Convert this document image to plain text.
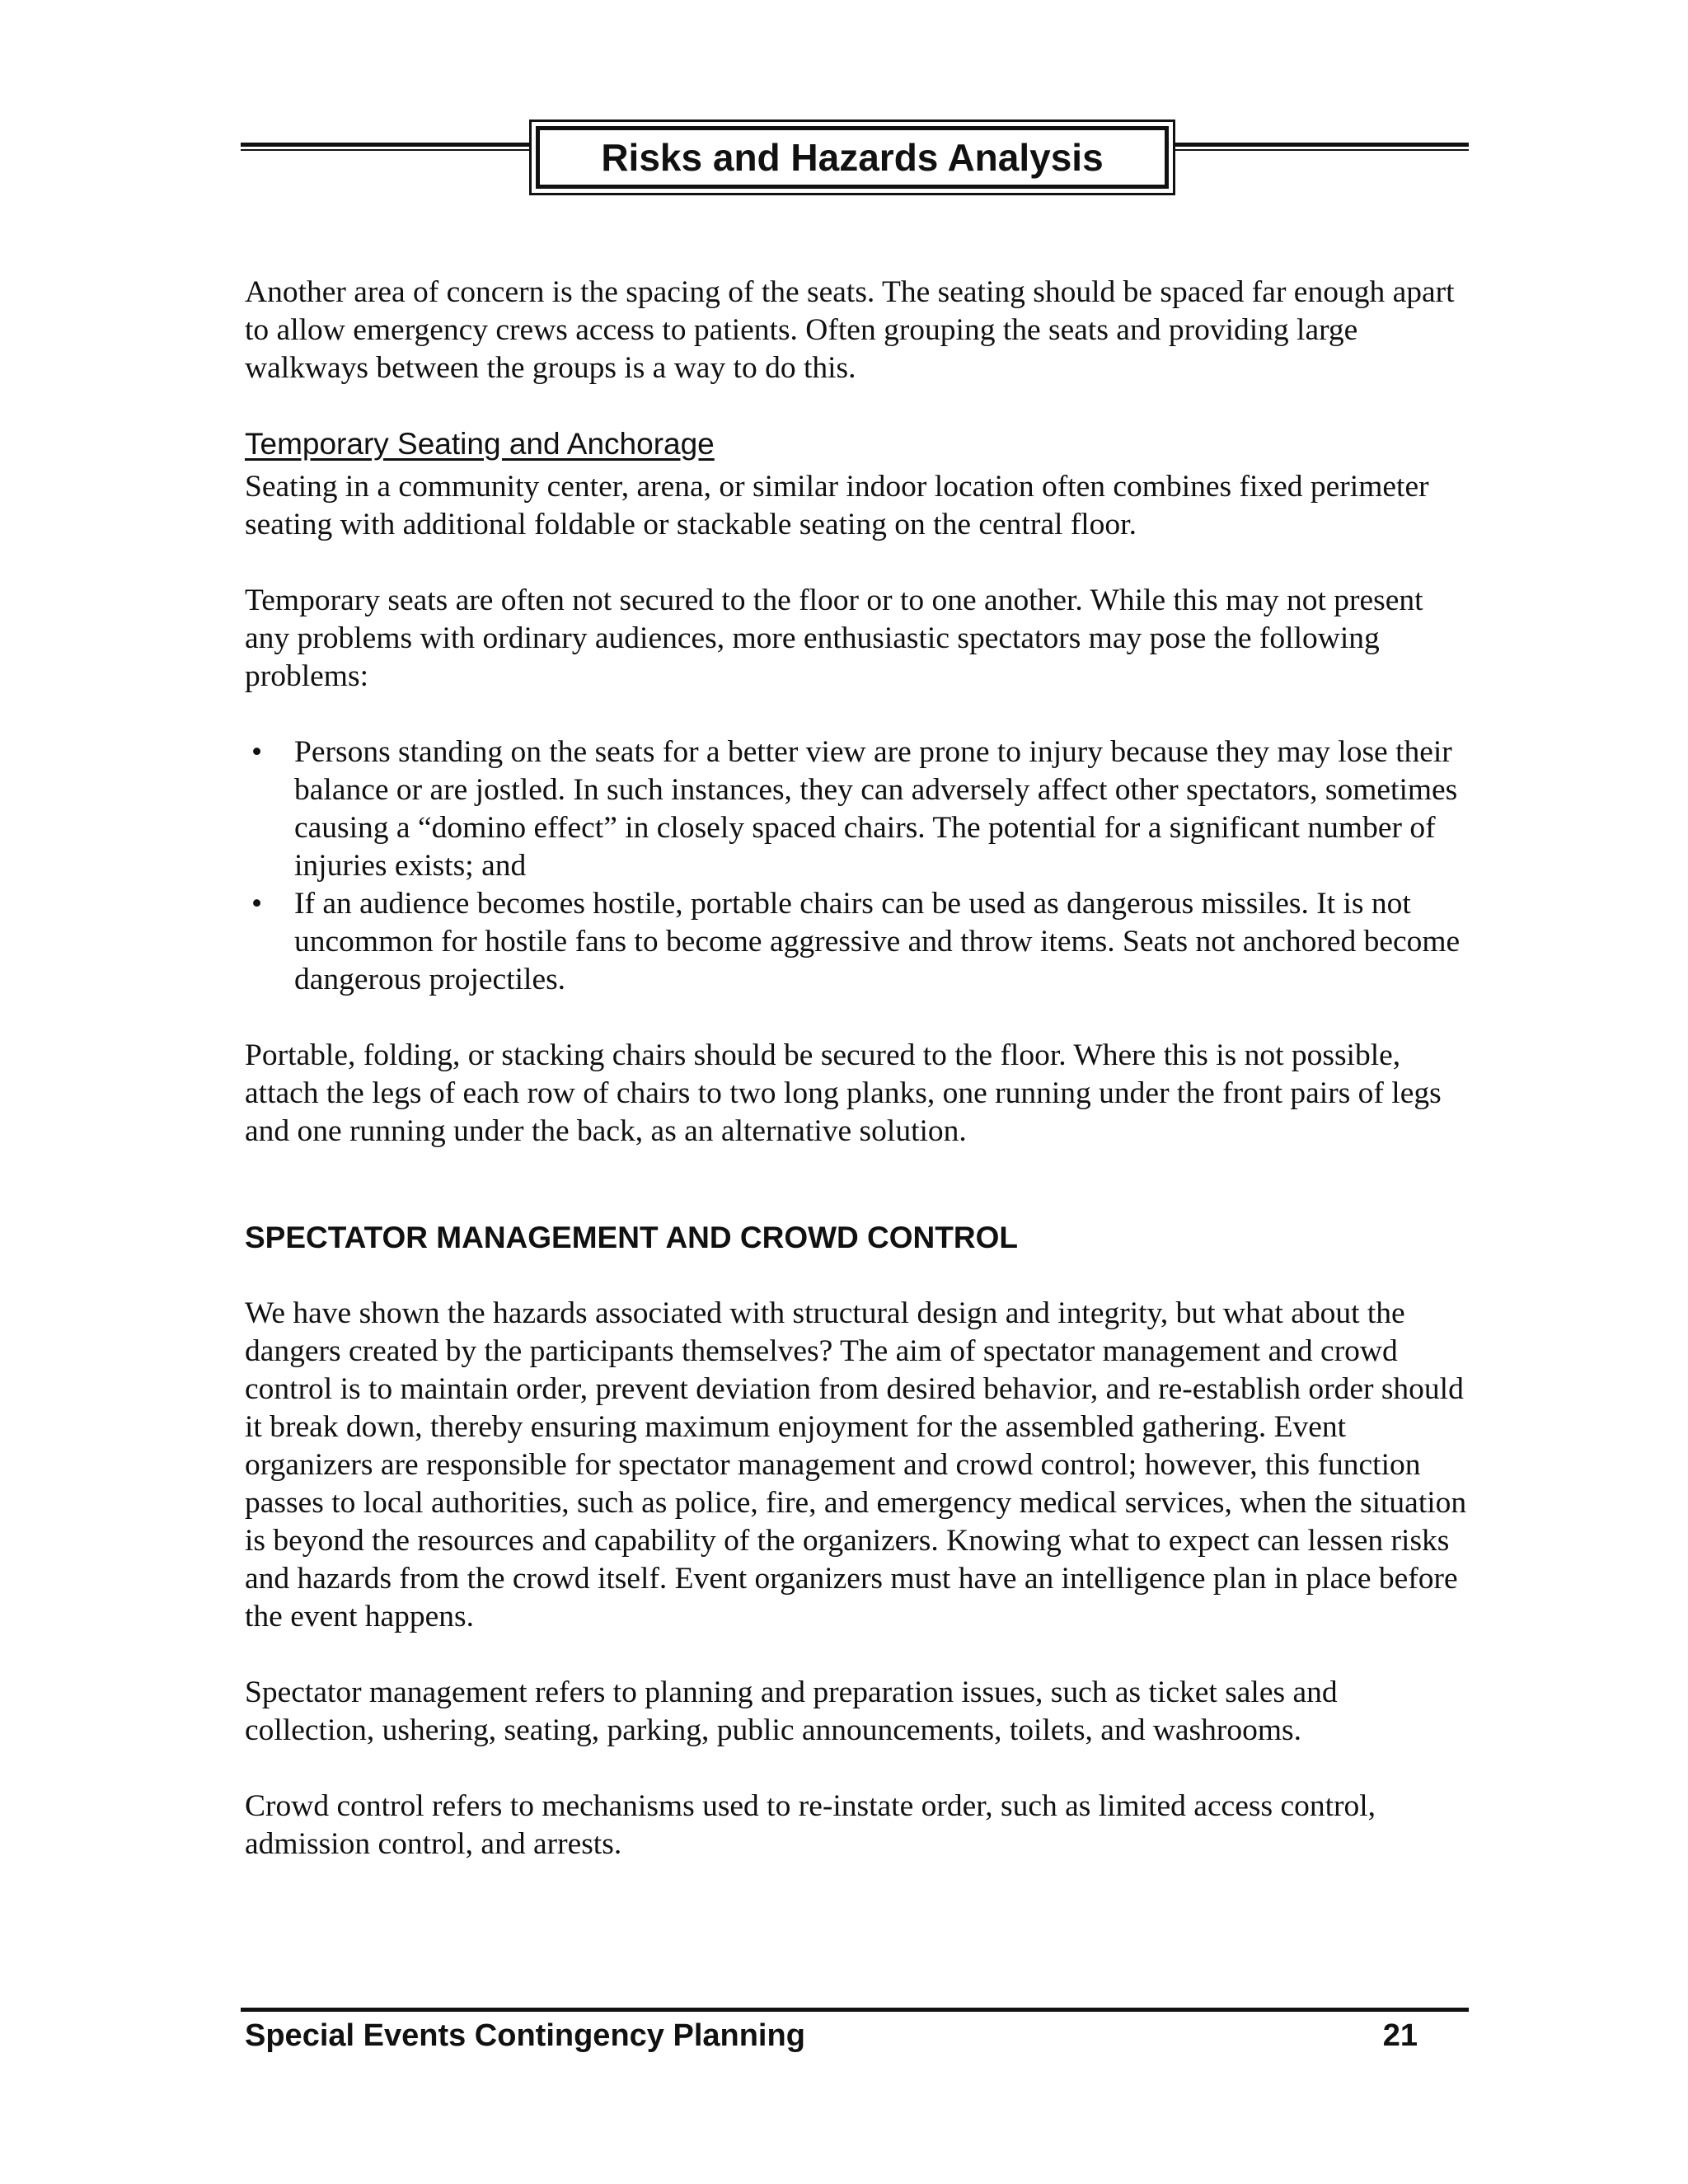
Risks and Hazards Analysis

Another area of concern is the spacing of the seats. The seating should be spaced far enough apart to allow emergency crews access to patients. Often grouping the seats and providing large walkways between the groups is a way to do this.

Temporary Seating and Anchorage

Seating in a community center, arena, or similar indoor location often combines fixed perimeter seating with additional foldable or stackable seating on the central floor.

Temporary seats are often not secured to the floor or to one another. While this may not present any problems with ordinary audiences, more enthusiastic spectators may pose the following problems:

• Persons standing on the seats for a better view are prone to injury because they may lose their balance or are jostled. In such instances, they can adversely affect other spectators, sometimes causing a “domino effect” in closely spaced chairs. The potential for a significant number of injuries exists; and
• If an audience becomes hostile, portable chairs can be used as dangerous missiles. It is not uncommon for hostile fans to become aggressive and throw items. Seats not anchored become dangerous projectiles.

Portable, folding, or stacking chairs should be secured to the floor. Where this is not possible, attach the legs of each row of chairs to two long planks, one running under the front pairs of legs and one running under the back, as an alternative solution.

SPECTATOR MANAGEMENT AND CROWD CONTROL

We have shown the hazards associated with structural design and integrity, but what about the dangers created by the participants themselves? The aim of spectator management and crowd control is to maintain order, prevent deviation from desired behavior, and re-establish order should it break down, thereby ensuring maximum enjoyment for the assembled gathering. Event organizers are responsible for spectator management and crowd control; however, this function passes to local authorities, such as police, fire, and emergency medical services, when the situation is beyond the resources and capability of the organizers. Knowing what to expect can lessen risks and hazards from the crowd itself. Event organizers must have an intelligence plan in place before the event happens.

Spectator management refers to planning and preparation issues, such as ticket sales and collection, ushering, seating, parking, public announcements, toilets, and washrooms.

Crowd control refers to mechanisms used to re-instate order, such as limited access control, admission control, and arrests.

Special Events Contingency Planning	21
